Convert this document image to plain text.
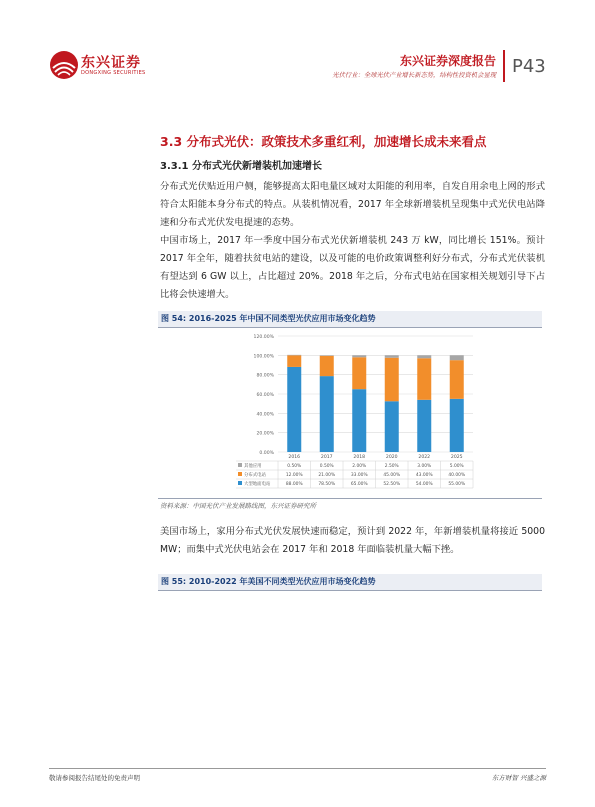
东兴证券
DONGXING SECURITIES
东兴证券深度报告
光伏行业：全球光伏产业增长新态势，结构性投资机会显现 P43
3.3 分布式光伏：政策技术多重红利，加速增长成未来看点
3.3.1 分布式光伏新增装机加速增长

分布式光伏贴近用户侧，能够提高太阳电量区域对太阳能的利用率，自发自用余电上网的形式符合太阳能本身分布式的特点。从装机情况看，2017 年全球新增装机呈现集中式光伏电站降速和分布式光伏发电提速的态势。

中国市场上，2017 年一季度中国分布式光伏新增装机 243 万 kW，同比增长 151%。预计 2017 年全年，随着扶贫电站的建设，以及可能的电价政策调整利好分布式，分布式光伏装机有望达到 6 GW 以上，占比超过 20%。2018 年之后，分布式电站在国家相关规划引导下占比将会快速增大。

图 54: 2016-2025 年中国不同类型光伏应用市场变化趋势
0.00%
20.00%
40.00%
60.00%
80.00%
100.00%
120.00%
2016	2017	2018	2020	2022	2025
其他应用	0.50%	0.50%	2.00%	2.50%	3.00%	5.00%
分布式电站	12.00%	21.00%	33.00%	45.00%	43.00%	40.00%
大型地面电站	88.00%	78.50%	65.00%	52.50%	54.00%	55.00%
资料来源：中国光伏产业发展路线图，东兴证券研究所

美国市场上，家用分布式光伏发展快速而稳定，预计到 2022 年，年新增装机量将接近 5000 MW；而集中式光伏电站会在 2017 年和 2018 年面临装机量大幅下挫。

图 55: 2010-2022 年美国不同类型光伏应用市场变化趋势
敬请参阅报告结尾处的免责声明	东方财智 兴盛之源
